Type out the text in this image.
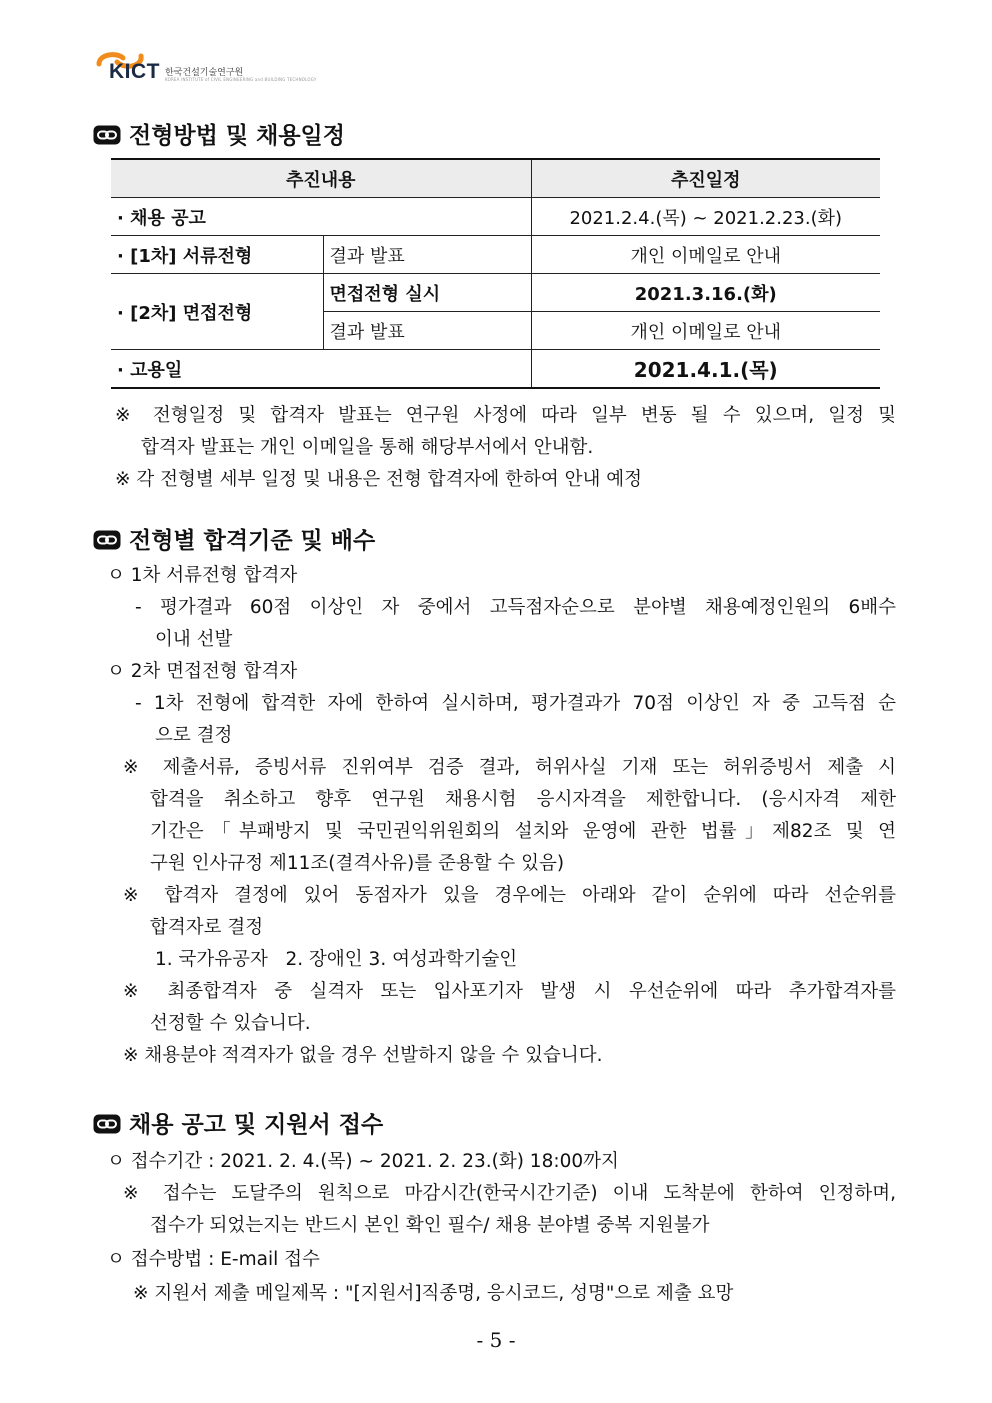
KICT 한국건설기술연구원
KOREA INSTITUTE of CIVIL ENGINEERING and BUILDING TECHNOLOGY
전형방법 및 채용일정
추진내용		추진일정
· 채용 공고		2021.2.4.(목) ~ 2021.2.23.(화)
· [1차] 서류전형	결과 발표	개인 이메일로 안내
· [2차] 면접전형	면접전형 실시	2021.3.16.(화)
	결과 발표	개인 이메일로 안내
· 고용일		2021.4.1.(목)
※ 전형일정 및 합격자 발표는 연구원 사정에 따라 일부 변동 될 수 있으며, 일정 및
합격자 발표는 개인 이메일을 통해 해당부서에서 안내함.
※ 각 전형별 세부 일정 및 내용은 전형 합격자에 한하여 안내 예정
전형별 합격기준 및 배수
ㅇ 1차 서류전형 합격자
- 평가결과 60점 이상인 자 중에서 고득점자순으로 분야별 채용예정인원의 6배수
이내 선발
ㅇ 2차 면접전형 합격자
- 1차 전형에 합격한 자에 한하여 실시하며, 평가결과가 70점 이상인 자 중 고득점 순
으로 결정
※ 제출서류, 증빙서류 진위여부 검증 결과, 허위사실 기재 또는 허위증빙서 제출 시
합격을 취소하고 향후 연구원 채용시험 응시자격을 제한합니다. (응시자격 제한
기간은「부패방지 및 국민권익위원회의 설치와 운영에 관한 법률」제82조 및 연
구원 인사규정 제11조(결격사유)를 준용할 수 있음)
※ 합격자 결정에 있어 동점자가 있을 경우에는 아래와 같이 순위에 따라 선순위를
합격자로 결정
1. 국가유공자   2. 장애인 3. 여성과학기술인
※ 최종합격자 중 실격자 또는 입사포기자 발생 시 우선순위에 따라 추가합격자를
선정할 수 있습니다.
※ 채용분야 적격자가 없을 경우 선발하지 않을 수 있습니다.
채용 공고 및 지원서 접수
ㅇ 접수기간 : 2021. 2. 4.(목) ~ 2021. 2. 23.(화) 18:00까지
※ 접수는 도달주의 원칙으로 마감시간(한국시간기준) 이내 도착분에 한하여 인정하며,
접수가 되었는지는 반드시 본인 확인 필수/ 채용 분야별 중복 지원불가
ㅇ 접수방법 : E-mail 접수
※ 지원서 제출 메일제목 : "[지원서]직종명, 응시코드, 성명"으로 제출 요망
- 5 -
